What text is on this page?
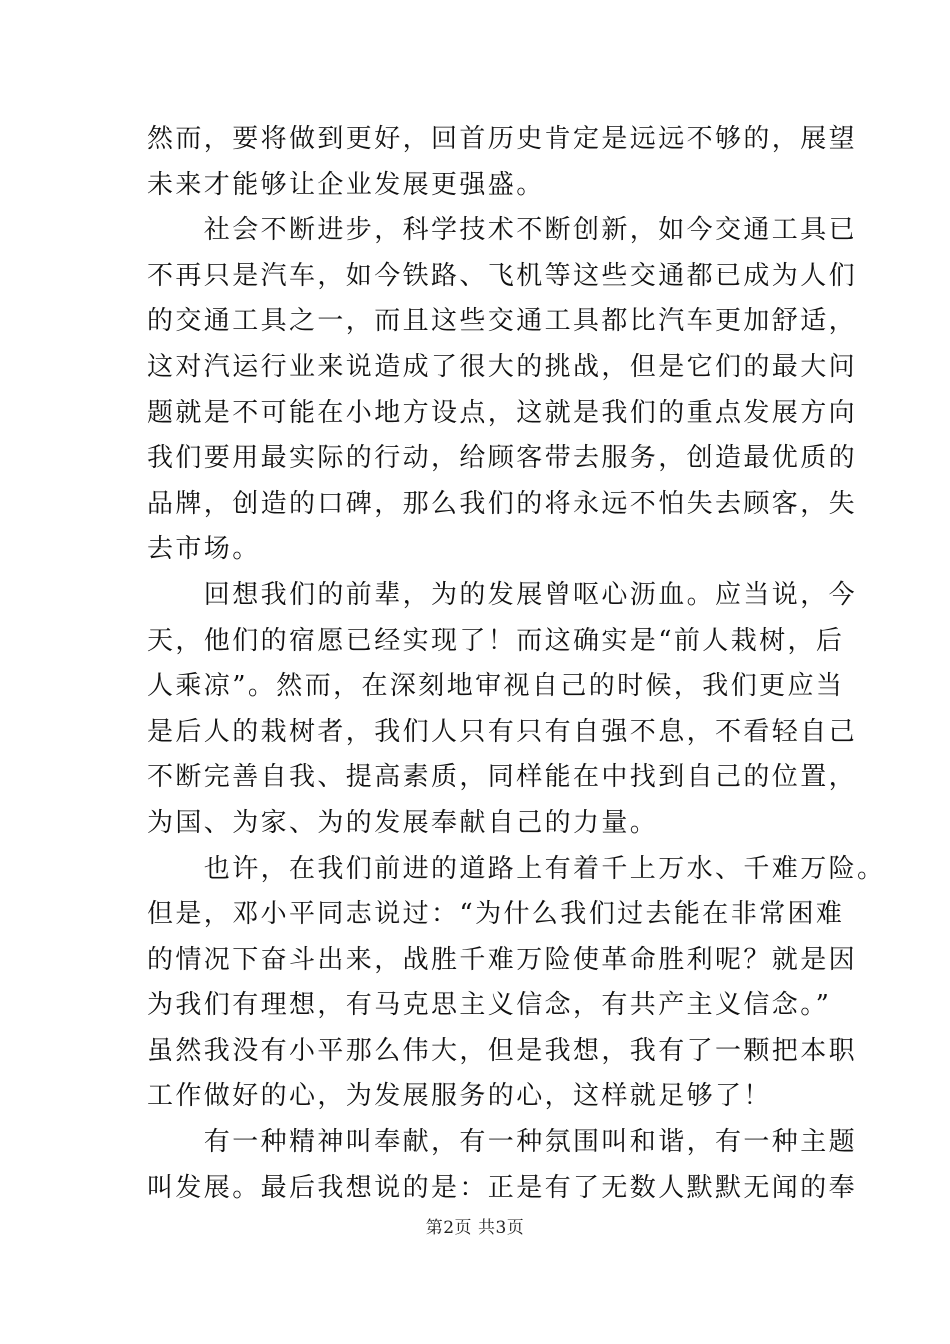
然而，要将做到更好，回首历史肯定是远远不够的，展望
未来才能够让企业发展更强盛。
　　社会不断进步，科学技术不断创新，如今交通工具已
不再只是汽车，如今铁路、飞机等这些交通都已成为人们
的交通工具之一，而且这些交通工具都比汽车更加舒适，
这对汽运行业来说造成了很大的挑战，但是它们的最大问
题就是不可能在小地方设点，这就是我们的重点发展方向
我们要用最实际的行动，给顾客带去服务，创造最优质的
品牌，创造的口碑，那么我们的将永远不怕失去顾客，失
去市场。
　　回想我们的前辈，为的发展曾呕心沥血。应当说，今
天，他们的宿愿已经实现了！而这确实是“前人栽树，后
人乘凉”。然而，在深刻地审视自己的时候，我们更应当
是后人的栽树者，我们人只有只有自强不息，不看轻自己
不断完善自我、提高素质，同样能在中找到自己的位置，
为国、为家、为的发展奉献自己的力量。
　　也许，在我们前进的道路上有着千上万水、千难万险。
但是，邓小平同志说过：“为什么我们过去能在非常困难
的情况下奋斗出来，战胜千难万险使革命胜利呢？就是因
为我们有理想，有马克思主义信念，有共产主义信念。”
虽然我没有小平那么伟大，但是我想，我有了一颗把本职
工作做好的心，为发展服务的心，这样就足够了！
　　有一种精神叫奉献，有一种氛围叫和谐，有一种主题
叫发展。最后我想说的是：正是有了无数人默默无闻的奉
第2页 共3页
